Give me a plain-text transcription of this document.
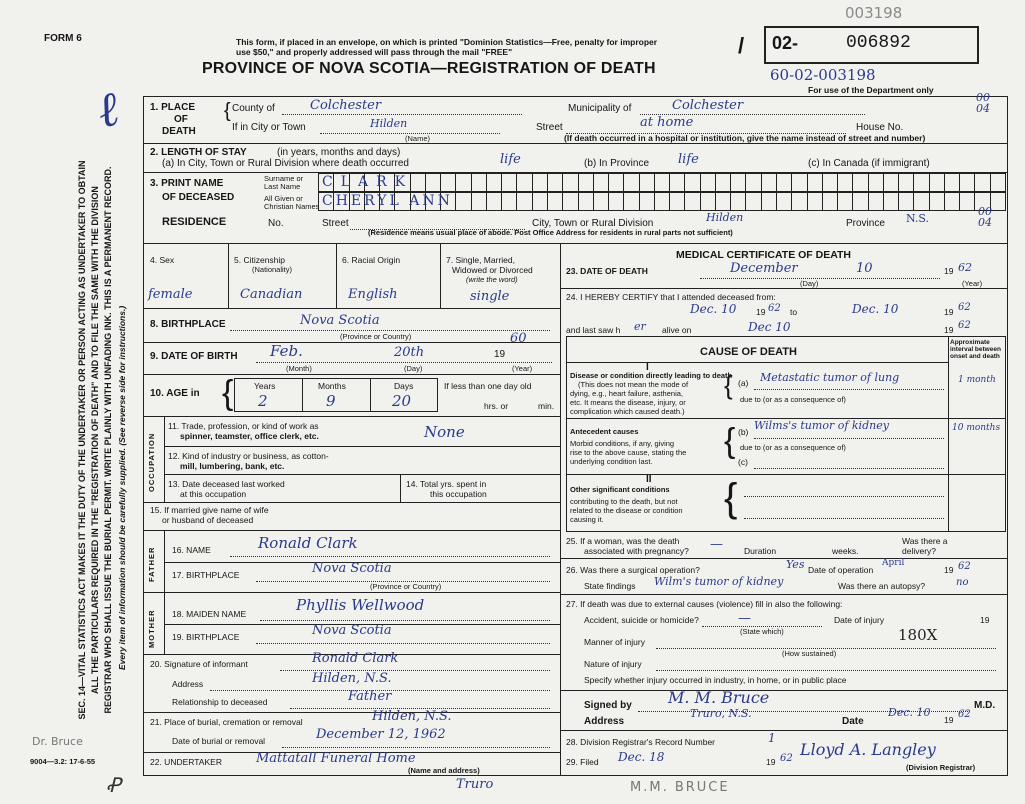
FORM 6
003198
This form, if placed in an envelope, on which is printed "Dominion Statistics—Free, penalty for improper
use $50," and properly addressed will pass through the mail "FREE"
PROVINCE OF NOVA SCOTIA—REGISTRATION OF DEATH
/ 02-	006892
60-02-003198
For use of the Department only
SEC. 14—VITAL STATISTICS ACT MAKES IT THE DUTY OF THE UNDERTAKER OR PERSON ACTING AS UNDERTAKER TO OBTAIN ALL THE PARTICULARS REQUIRED IN THE "REGISTRATION OF DEATH" AND TO FILE THE SAME WITH THE DIVISION REGISTRAR WHO SHALL ISSUE THE BURIAL PERMIT. WRITE PLAINLY WITH UNFADING INK. THIS IS A PERMANENT RECORD. Every item of information should be carefully supplied. (See reverse side for instructions.)
Dr. Bruce
9004—3.2: 17-6-55
M.M. BRUCE
Ꝓ
ℓ	1. PLACE
OF
DEATH
{ County of	Colchester	Municipality of	Colchester
If in City or Town	Hilden
(Name)
Street	at home	House No.
00
04
(If death occurred in a hospital or institution, give the name instead of street and number)
2. LENGTH OF STAY	(in years, months and days)
(a) In City, Town or Rural Division where death occurred	life	(b) In Province life	(c) In Canada (if immigrant)
3. PRINT NAME
OF DECEASED
Surname or
Last Name
All Given or
Christian Names
CLARK
CHERYL ANN
RESIDENCE	No.	Street	City, Town or Rural Division	Hilden	Province N.S.
00
04
(Residence means usual place of abode. Post Office Address for residents in rural parts not sufficient)
4. Sex
female
5. Citizenship
(Nationality)
Canadian
6. Racial Origin
English
7. Single, Married,
Widowed or Divorced
(write the word)
single
8. BIRTHPLACE	Nova Scotia
(Province or Country)
9. DATE OF BIRTH Feb.	20th	19
60
(Month)	(Day)	(Year)
10. AGE in { Years	Months	Days
2	9	20
If less than one day old
hrs. or	min.
OCCUPATION
11. Trade, profession, or kind of work as
spinner, teamster, office clerk, etc.	None
12. Kind of industry or business, as cotton-
mill, lumbering, bank, etc.
13. Date deceased last worked
at this occupation
14. Total yrs. spent in
this occupation
15. If married give name of wife
or husband of deceased
FATHER 16. NAME	Ronald Clark
17. BIRTHPLACE	Nova Scotia
(Province or Country)
MOTHER 18. MAIDEN NAME	Phyllis Wellwood
19. BIRTHPLACE	Nova Scotia
20. Signature of informant	Ronald Clark
Address	Hilden, N.S.
Relationship to deceased	Father
21. Place of burial, cremation or removal	Hilden, N.S.
Date of burial or removal	December 12, 1962
22. UNDERTAKER	Mattatall Funeral Home
(Name and address)
Truro
MEDICAL CERTIFICATE OF DEATH
23. DATE OF DEATH	December	10	19 62
(Day)	(Year)
24. I HEREBY CERTIFY that I attended deceased from:
Dec. 10 19 62 to	Dec. 10	19 62
and last saw h er alive on	Dec 10	19 62
CAUSE OF DEATH
Approximate interval between onset and death
I
Disease or condition directly leading to death
(This does not mean the mode of
dying, e.g., heart failure, asthenia,
etc. It means the disease, injury, or
complication which caused death.)
{ (a) Metastatic tumor of lung	1 month
due to (or as a consequence of)
Antecedent causes
Morbid conditions, if any, giving
rise to the above cause, stating the
underlying condition last.
{ (b) Wilms's tumor of kidney	10 months
due to (or as a consequence of)
(c)
II
Other significant conditions
contributing to the death, but not
related to the disease or condition
causing it.	{
25. If a woman, was the death
associated with pregnancy? — Duration	weeks.
Was there a
delivery?
26. Was there a surgical operation?	Yes Date of operation
April
19 62
State findings Wilm's tumor of kidney	Was there an autopsy?	no
27. If death was due to external causes (violence) fill in also the following:
Accident, suicide or homicide?	—
(State which)
Date of injury	19
Manner of injury	180X
(How sustained)
Nature of injury
Specify whether injury occurred in industry, in home, or in public place
Signed by M. M. Bruce	M.D.
Address
Truro, N.S.
Date
Dec. 10
19 62
28. Division Registrar's Record Number	1
29. Filed Dec. 18	19 62 Lloyd A. Langley
(Division Registrar)
